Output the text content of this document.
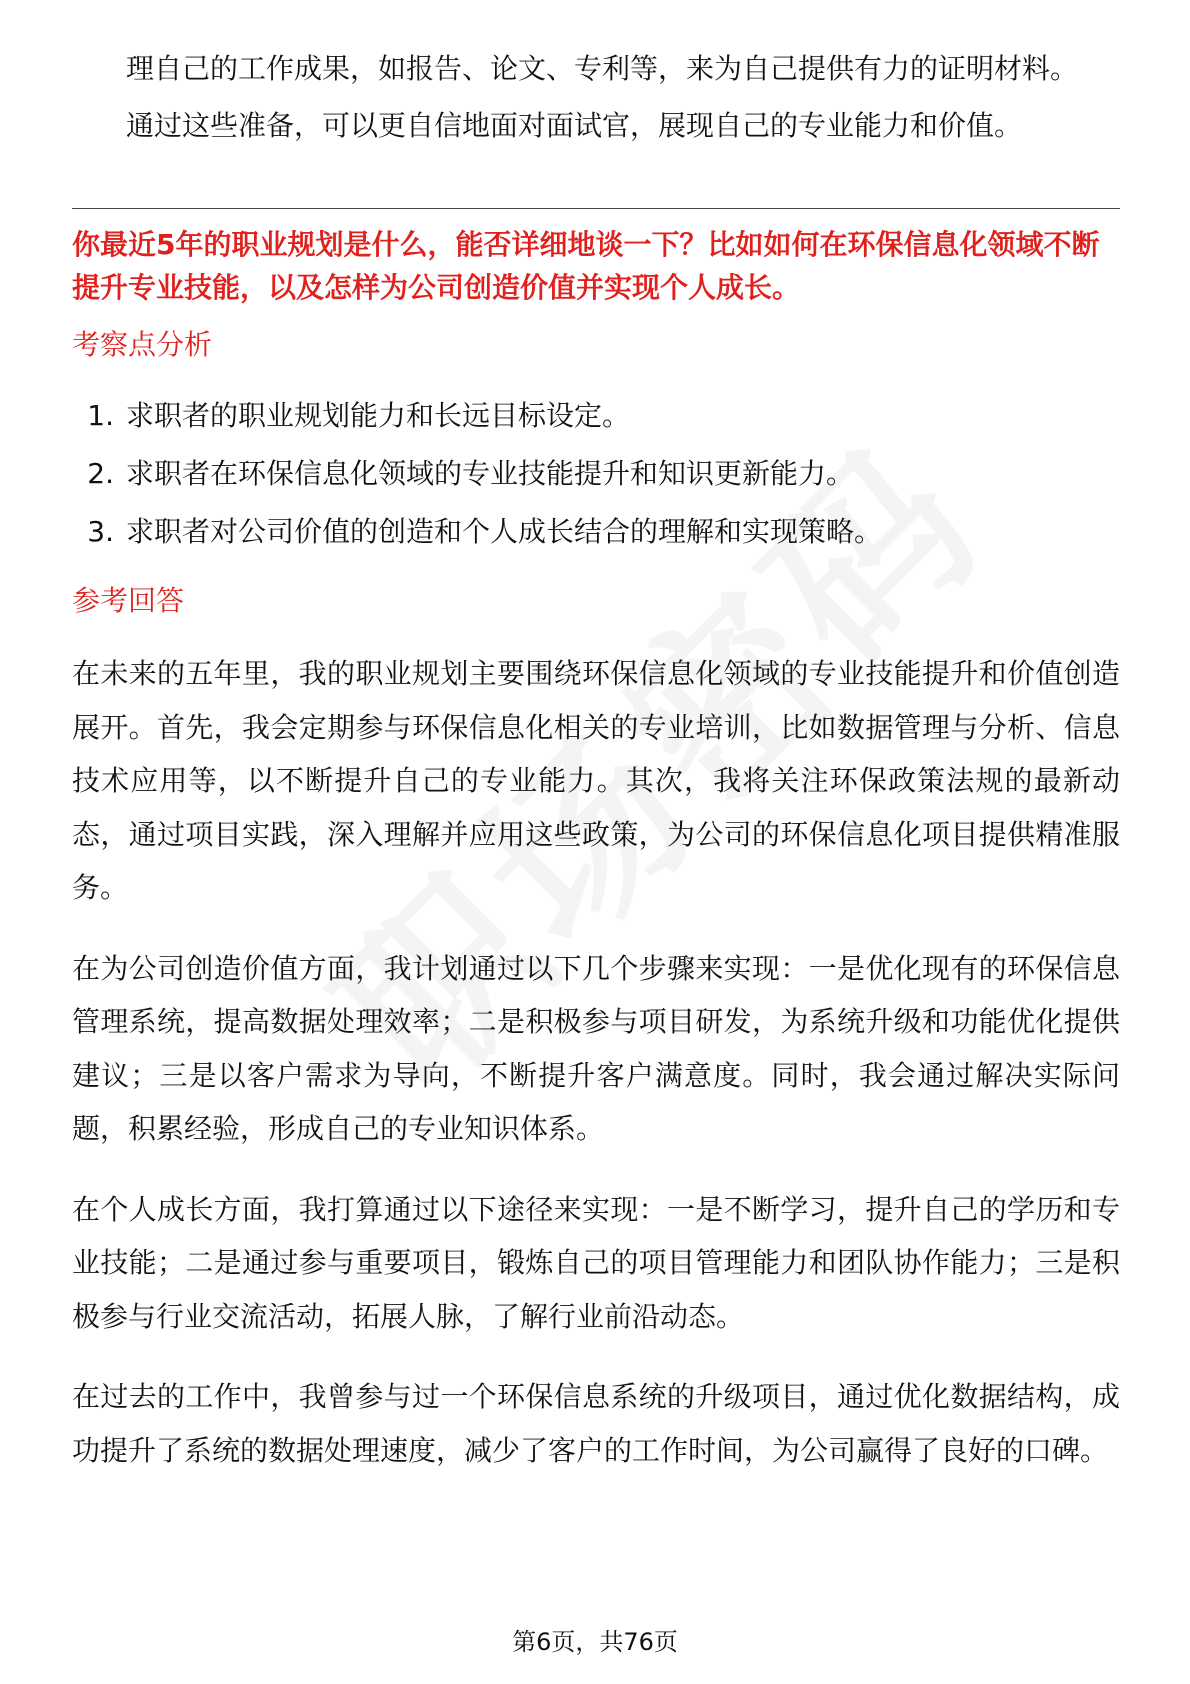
理自己的工作成果，如报告、论文、专利等，来为自己提供有力的证明材料。

通过这些准备，可以更自信地面对面试官，展现自己的专业能力和价值。

你最近5年的职业规划是什么，能否详细地谈一下？比如如何在环保信息化领域不断提升专业技能，以及怎样为公司创造价值并实现个人成长。
考察点分析
1. 求职者的职业规划能力和长远目标设定。
2. 求职者在环保信息化领域的专业技能提升和知识更新能力。
3. 求职者对公司价值的创造和个人成长结合的理解和实现策略。
参考回答

在未来的五年里，我的职业规划主要围绕环保信息化领域的专业技能提升和价值创造展开。首先，我会定期参与环保信息化相关的专业培训，比如数据管理与分析、信息技术应用等，以不断提升自己的专业能力。其次，我将关注环保政策法规的最新动态，通过项目实践，深入理解并应用这些政策，为公司的环保信息化项目提供精准服务。

在为公司创造价值方面，我计划通过以下几个步骤来实现：一是优化现有的环保信息管理系统，提高数据处理效率；二是积极参与项目研发，为系统升级和功能优化提供建议；三是以客户需求为导向，不断提升客户满意度。同时，我会通过解决实际问题，积累经验，形成自己的专业知识体系。

在个人成长方面，我打算通过以下途径来实现：一是不断学习，提升自己的学历和专业技能；二是通过参与重要项目，锻炼自己的项目管理能力和团队协作能力；三是积极参与行业交流活动，拓展人脉，了解行业前沿动态。

在过去的工作中，我曾参与过一个环保信息系统的升级项目，通过优化数据结构，成功提升了系统的数据处理速度，减少了客户的工作时间，为公司赢得了良好的口碑。

第6页，共76页
